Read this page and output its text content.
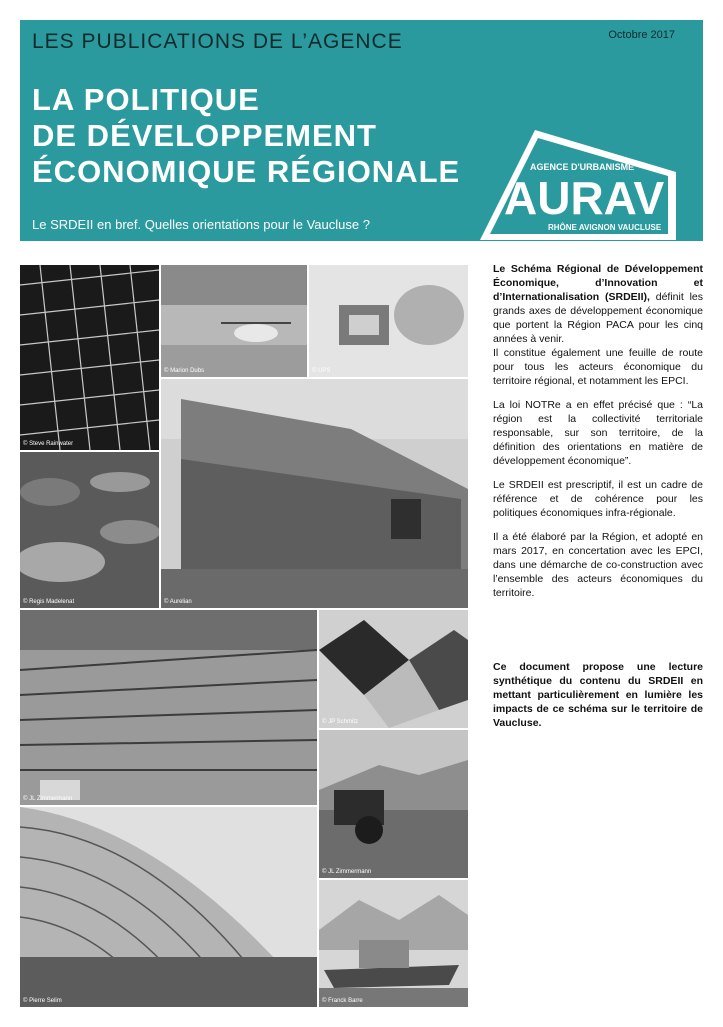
LES PUBLICATIONS DE L’AGENCE	Octobre 2017
LA POLITIQUE
DE DÉVELOPPEMENT
ÉCONOMIQUE RÉGIONALE
Le SRDEII en bref. Quelles orientations pour le Vaucluse ?
AGENCE D'URBANISME
AURAV
RHÔNE AVIGNON VAUCLUSE
© Steve Rainwater
© Marion Dubs	© UPS
© Aurelian
© Regis Madelenat
© JL Zimmermann
© JP Schmitz
© JL Zimmermann
© Pierre Selim	© Franck Barre

Le Schéma Régional de Développement Économique, d’Innovation et d’Internationalisation (SRDEII), définit les grands axes de développement économique que portent la Région PACA pour les cinq années à venir.
Il constitue également une feuille de route pour tous les acteurs économique du territoire régional, et notamment les EPCI.

La loi NOTRe a en effet précisé que : “La région est la collectivité territoriale responsable, sur son territoire, de la définition des orientations en matière de développement économique”.

Le SRDEII est prescriptif, il est un cadre de référence et de cohérence pour les politiques économiques infra-régionale.

Il a été élaboré par la Région, et adopté en mars 2017, en concertation avec les EPCI, dans une démarche de co-construction avec l’ensemble des acteurs économiques du territoire.

Ce document propose une lecture synthétique du contenu du SRDEII en mettant particulièrement en lumière les impacts de ce schéma sur le territoire de Vaucluse.
